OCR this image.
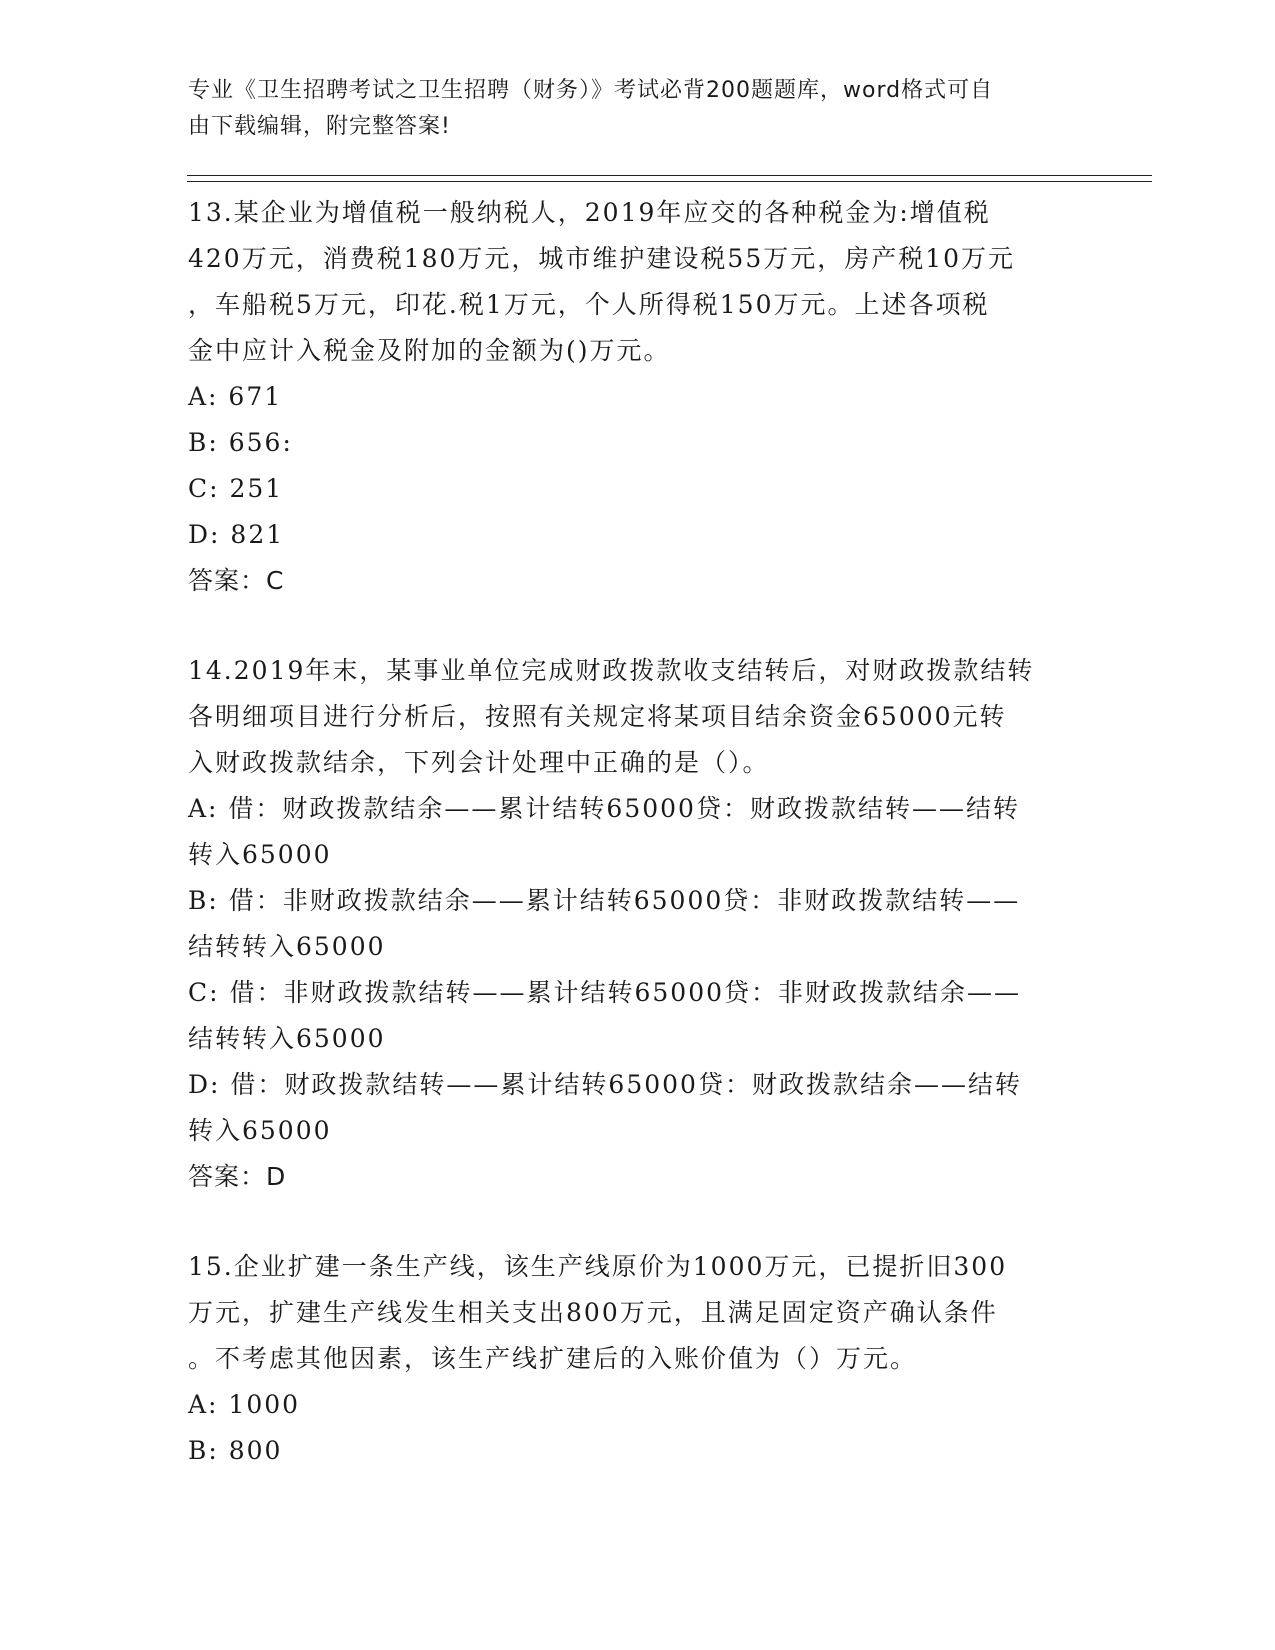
专业《卫生招聘考试之卫生招聘（财务）》考试必背200题题库，word格式可自
由下载编辑，附完整答案!
13.某企业为增值税一般纳税人，2019年应交的各种税金为:增值税
420万元，消费税180万元，城市维护建设税55万元，房产税10万元
，车船税5万元，印花.税1万元，个人所得税150万元。上述各项税
金中应计入税金及附加的金额为()万元。
A: 671
B: 656:
C: 251
D: 821
答案：C
14.2019年末，某事业单位完成财政拨款收支结转后，对财政拨款结转
各明细项目进行分析后，按照有关规定将某项目结余资金65000元转
入财政拨款结余，下列会计处理中正确的是（）。
A: 借：财政拨款结余——累计结转65000贷：财政拨款结转——结转
转入65000
B: 借：非财政拨款结余——累计结转65000贷：非财政拨款结转——
结转转入65000
C: 借：非财政拨款结转——累计结转65000贷：非财政拨款结余——
结转转入65000
D: 借：财政拨款结转——累计结转65000贷：财政拨款结余——结转
转入65000
答案：D
15.企业扩建一条生产线，该生产线原价为1000万元，已提折旧300
万元，扩建生产线发生相关支出800万元，且满足固定资产确认条件
。不考虑其他因素，该生产线扩建后的入账价值为（）万元。
A: 1000
B: 800
